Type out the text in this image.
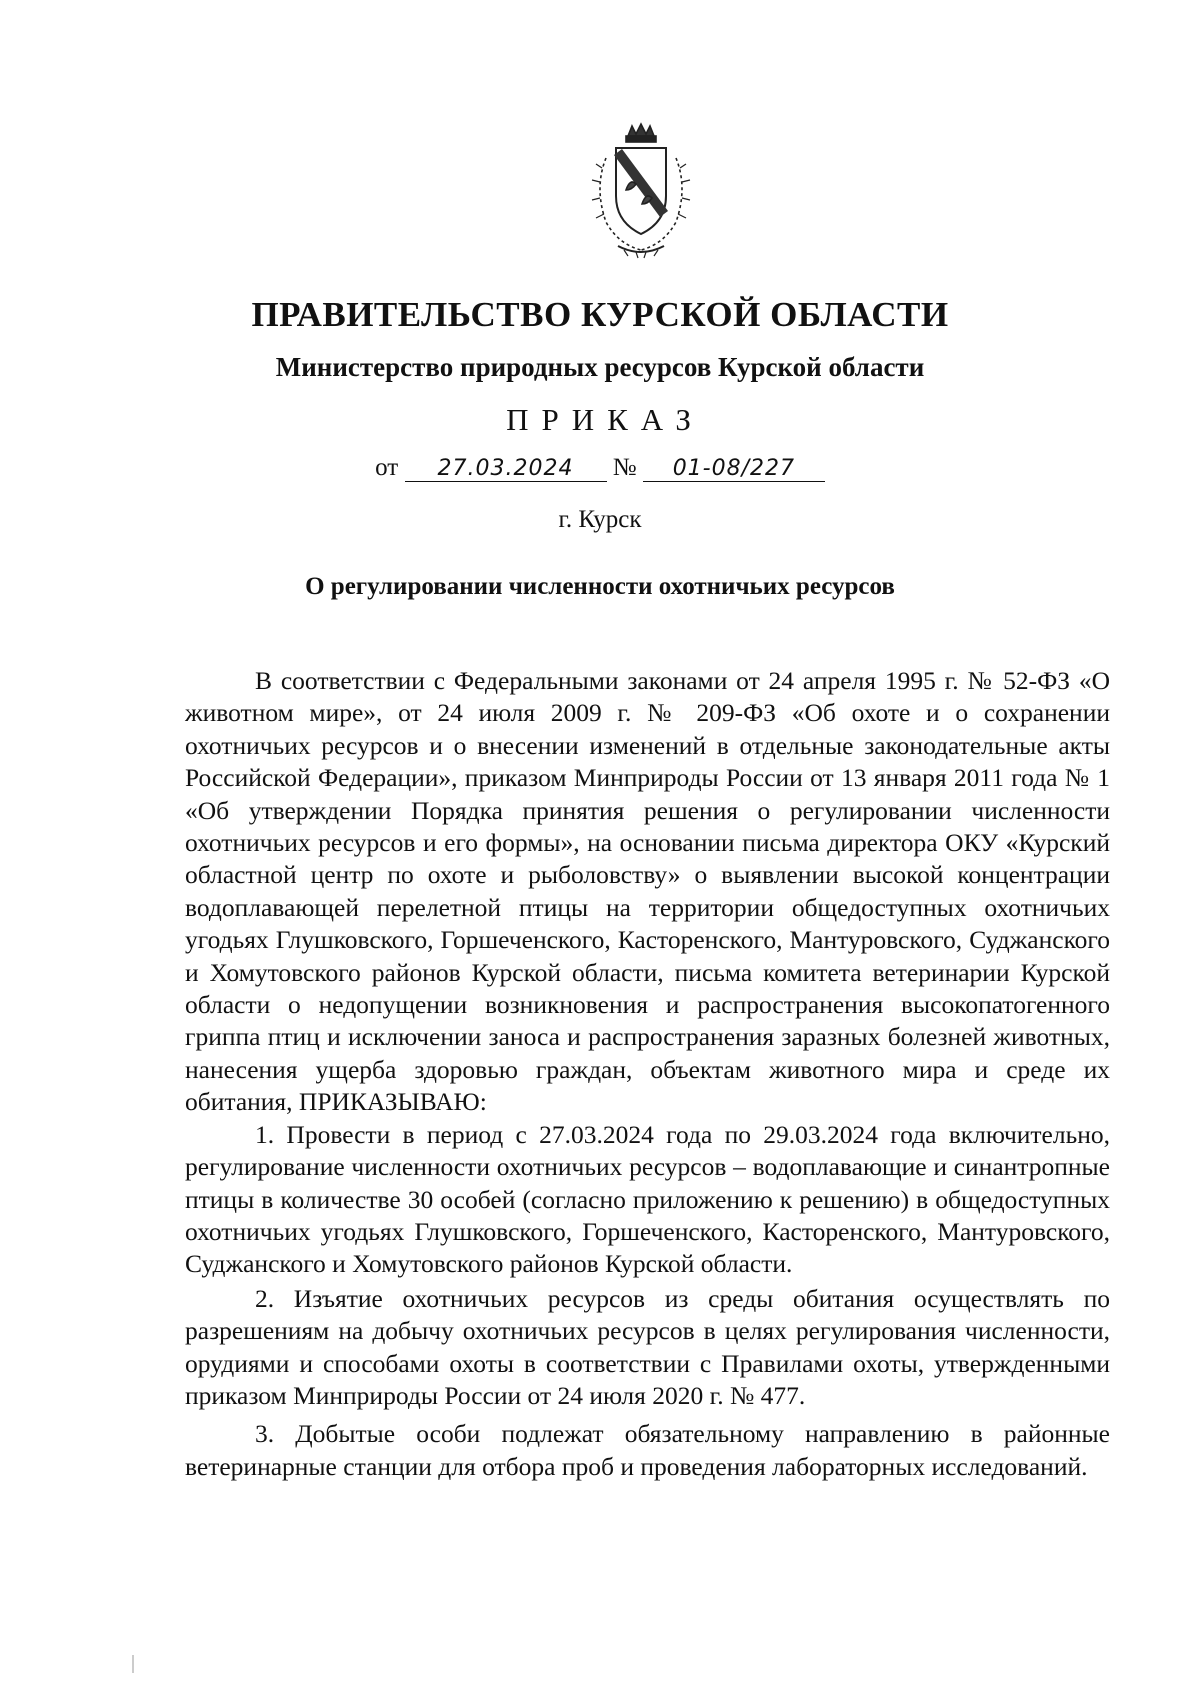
ПРАВИТЕЛЬСТВО КУРСКОЙ ОБЛАСТИ
Министерство природных ресурсов Курской области
ПРИКАЗ
от 27.03.2024 № 01-08/227
г. Курск
О регулировании численности охотничьих ресурсов

В соответствии с Федеральными законами от 24 апреля 1995 г. № 52-ФЗ «О животном мире», от 24 июля 2009 г. № 209-ФЗ «Об охоте и о сохранении охотничьих ресурсов и о внесении изменений в отдельные законодательные акты Российской Федерации», приказом Минприроды России от 13 января 2011 года № 1 «Об утверждении Порядка принятия решения о регулировании численности охотничьих ресурсов и его формы», на основании письма директора ОКУ «Курский областной центр по охоте и рыболовству» о выявлении высокой концентрации водоплавающей перелетной птицы на территории общедоступных охотничьих угодьях Глушковского, Горшеченского, Касторенского, Мантуровского, Суджанского и Хомутовского районов Курской области, письма комитета ветеринарии Курской области о недопущении возникновения и распространения высокопатогенного гриппа птиц и исключении заноса и распространения заразных болезней животных, нанесения ущерба здоровью граждан, объектам животного мира и среде их обитания, ПРИКАЗЫВАЮ:

1. Провести в период с 27.03.2024 года по 29.03.2024 года включительно, регулирование численности охотничьих ресурсов – водоплавающие и синантропные птицы в количестве 30 особей (согласно приложению к решению) в общедоступных охотничьих угодьях Глушковского, Горшеченского, Касторенского, Мантуровского, Суджанского и Хомутовского районов Курской области.

2. Изъятие охотничьих ресурсов из среды обитания осуществлять по разрешениям на добычу охотничьих ресурсов в целях регулирования численности, орудиями и способами охоты в соответствии с Правилами охоты, утвержденными приказом Минприроды России от 24 июля 2020 г. № 477.

3. Добытые особи подлежат обязательному направлению в районные ветеринарные станции для отбора проб и проведения лабораторных исследований.
